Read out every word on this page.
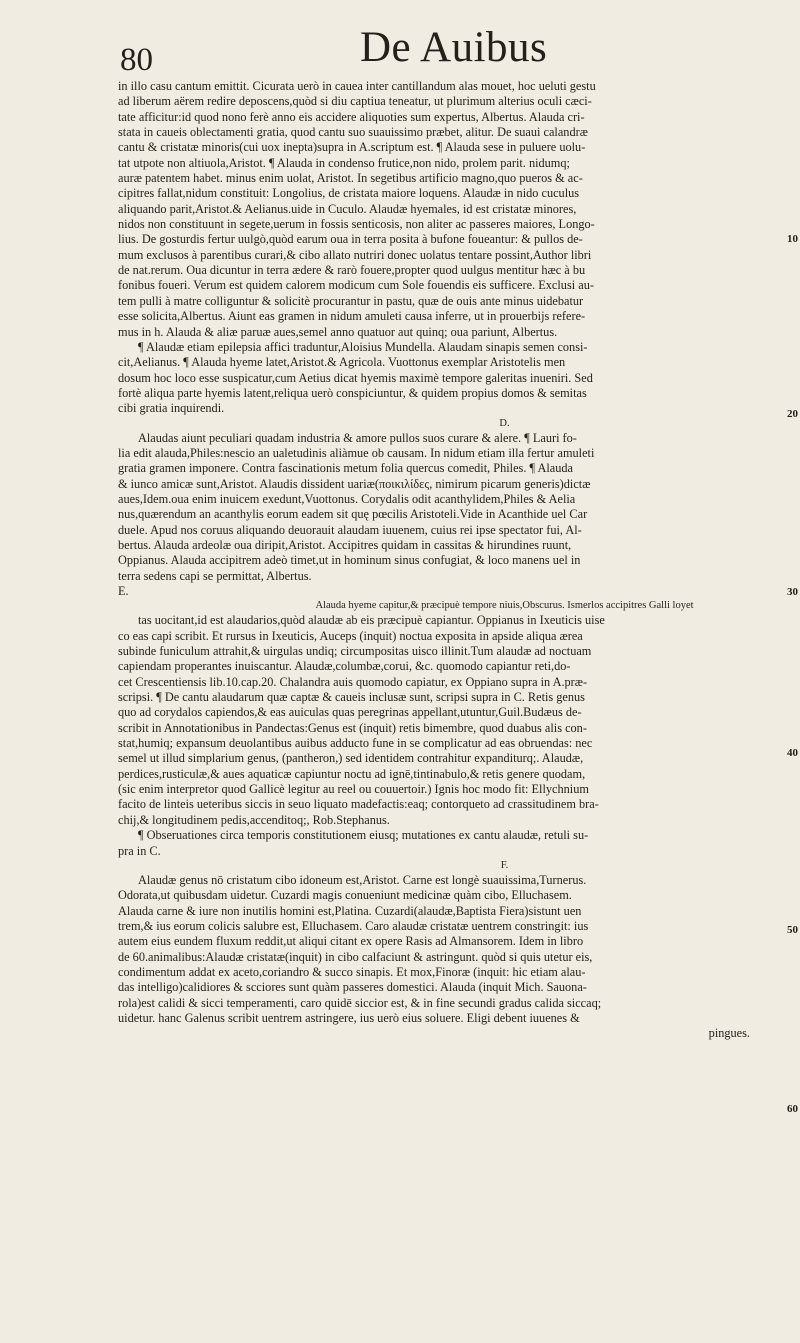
80	De Auibus
10
20
30
40
50
60
in illo casu cantum emittit. Cicurata uerò in cauea inter cantillandum alas mouet, hoc ueluti gestu
ad liberum aërem redire deposcens,quòd si diu captiua teneatur, ut plurimum alterius oculi cæci-
tate afficitur:id quod nono ferè anno eis accidere aliquoties sum expertus, Albertus. Alauda cri-
stata in caueis oblectamenti gratia, quod cantu suo suauissimo præbet, alitur. De suaui calandræ
cantu & cristatæ minoris(cui uox inepta)supra in A.scriptum est. ¶ Alauda sese in puluere uolu-
tat utpote non altiuola,Aristot. ¶ Alauda in condenso frutice,non nido, prolem parit. nidumq;
auræ patentem habet. minus enim uolat, Aristot. In segetibus artificio magno,quo pueros & ac-
cipitres fallat,nidum constituit: Longolius, de cristata maiore loquens. Alaudæ in nido cuculus
aliquando parit,Aristot.& Aelianus.uide in Cuculo. Alaudæ hyemales, id est cristatæ minores,
nidos non constituunt in segete,uerum in fossis senticosis, non aliter ac passeres maiores, Longo-
lius. De gosturdis fertur uulgò,quòd earum oua in terra posita à bufone foueantur: & pullos de-
mum exclusos à parentibus curari,& cibo allato nutriri donec uolatus tentare possint,Author libri
de nat.rerum. Oua dicuntur in terra ædere & rarò fouere,propter quod uulgus mentitur hæc à bu
fonibus foueri. Verum est quidem calorem modicum cum Sole fouendis eis sufficere. Exclusi au-
tem pulli à matre colliguntur & solicitè procurantur in pastu, quæ de ouis ante minus uidebatur
esse solicita,Albertus. Aiunt eas gramen in nidum amuleti causa inferre, ut in prouerbijs refere-
mus in h. Alauda & aliæ paruæ aues,semel anno quatuor aut quinq; oua pariunt, Albertus.
¶ Alaudæ etiam epilepsia affici traduntur,Aloisius Mundella. Alaudam sinapis semen consi-
cit,Aelianus. ¶ Alauda hyeme latet,Aristot.& Agricola. Vuottonus exemplar Aristotelis men
dosum hoc loco esse suspicatur,cum Aetius dicat hyemis maximè tempore galeritas inueniri. Sed
fortè aliqua parte hyemis latent,reliqua uerò conspiciuntur, & quidem propius domos & semitas
cibi gratia inquirendi.
D.
Alaudas aiunt peculiari quadam industria & amore pullos suos curare & alere. ¶ Lauri fo-
lia edit alauda,Philes:nescio an ualetudinis aliàmue ob causam. In nidum etiam illa fertur amuleti
gratia gramen imponere. Contra fascinationis metum folia quercus comedit, Philes. ¶ Alauda
& iunco amicæ sunt,Aristot. Alaudis dissident uariæ(ποικιλίδες, nimirum picarum generis)dictæ
aues,Idem.oua enim inuicem exedunt,Vuottonus. Corydalis odit acanthylidem,Philes & Aelia
nus,quærendum an acanthylis eorum eadem sit quę pœcilis Aristoteli.Vide in Acanthide uel Car
duele. Apud nos coruus aliquando deuorauit alaudam iuuenem, cuius rei ipse spectator fui, Al-
bertus. Alauda ardeolæ oua diripit,Aristot. Accipitres quidam in cassitas & hirundines ruunt,
Oppianus. Alauda accipitrem adeò timet,ut in hominum sinus confugiat, & loco manens uel in
terra sedens capi se permittat, Albertus.
E.
Alauda hyeme capitur,& præcipuè tempore niuis,Obscurus. Ismerlos accipitres Galli loyet
tas uocitant,id est alaudarios,quòd alaudæ ab eis præcipuè capiantur. Oppianus in Ixeuticis uise
co eas capi scribit. Et rursus in Ixeuticis, Auceps (inquit) noctua exposita in apside aliqua ærea
subinde funiculum attrahit,& uirgulas undiq; circumpositas uisco illinit.Tum alaudæ ad noctuam
capiendam properantes inuiscantur. Alaudæ,columbæ,corui, &c. quomodo capiantur reti,do-
cet Crescentiensis lib.10.cap.20. Chalandra auis quomodo capiatur, ex Oppiano supra in A.præ-
scripsi. ¶ De cantu alaudarum quæ captæ & caueis inclusæ sunt, scripsi supra in C. Retis genus
quo ad corydalos capiendos,& eas auiculas quas peregrinas appellant,utuntur,Guil.Budæus de-
scribit in Annotationibus in Pandectas:Genus est (inquit) retis bimembre, quod duabus alis con-
stat,humiq; expansum deuolantibus auibus adducto fune in se complicatur ad eas obruendas: nec
semel ut illud simplarium genus, (pantheron,) sed identidem contrahitur expanditurq;. Alaudæ,
perdices,rusticulæ,& aues aquaticæ capiuntur noctu ad ignē,tintinabulo,& retis genere quodam,
(sic enim interpretor quod Gallicè legitur au reel ou couuertoir.) Ignis hoc modo fit: Ellychnium
facito de linteis ueteribus siccis in seuo liquato madefactis:eaq; contorqueto ad crassitudinem bra-
chij,& longitudinem pedis,accenditoq;, Rob.Stephanus.
¶ Obseruationes circa temporis constitutionem eiusq; mutationes ex cantu alaudæ, retuli su-
pra in C.
F.
Alaudæ genus nō cristatum cibo idoneum est,Aristot. Carne est longè suauissima,Turnerus.
Odorata,ut quibusdam uidetur. Cuzardi magis conueniunt medicinæ quàm cibo, Elluchasem.
Alauda carne & iure non inutilis homini est,Platina. Cuzardi(alaudæ,Baptista Fiera)sistunt uen
trem,& ius eorum colicis salubre est, Elluchasem. Caro alaudæ cristatæ uentrem constringit: ius
autem eius eundem fluxum reddit,ut aliqui citant ex opere Rasis ad Almansorem. Idem in libro
de 60.animalibus:Alaudæ cristatæ(inquit) in cibo calfaciunt & astringunt. quòd si quis utetur eis,
condimentum addat ex aceto,coriandro & succo sinapis. Et mox,Finoræ (inquit: hic etiam alau-
das intelligo)calidiores & scciores sunt quàm passeres domestici. Alauda (inquit Mich. Sauona-
rola)est calidi & sicci temperamenti, caro quidē siccior est, & in fine secundi gradus calida siccaq;
uidetur. hanc Galenus scribit uentrem astringere, ius uerò eius soluere. Eligi debent iuuenes &
pingues.
